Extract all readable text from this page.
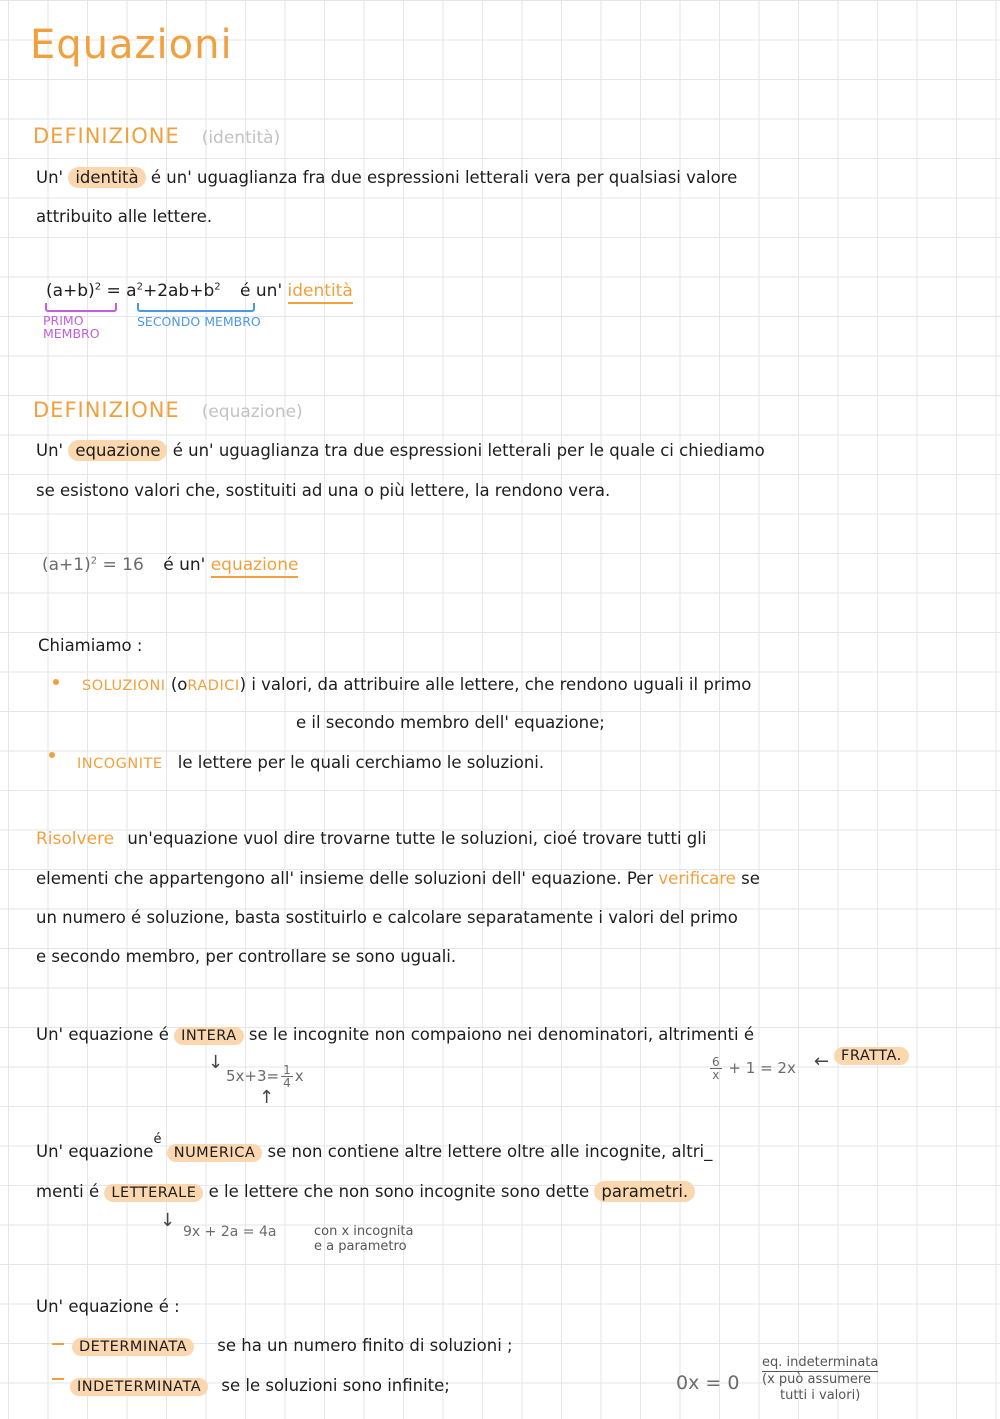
Equazioni
DEFINIZIONE (identità)
Un' identità é un' uguaglianza fra due espressioni letterali vera per qualsiasi valore
attribuito alle lettere.
$(a+b)^2 = a^2+2ab+b^2$ é un' identità
PRIMO
MEMBRO
SECONDO MEMBRO
DEFINIZIONE (equazione)
Un' equazione é un' uguaglianza tra due espressioni letterali per le quale ci chiediamo
se esistono valori che, sostituiti ad una o più lettere, la rendono vera.
$(a+1)^2 = 16$ é un' equazione
Chiamiamo :
SOLUZIONI (oRADICI) i valori, da attribuire alle lettere, che rendono uguali il primo
e il secondo membro dell' equazione;
INCOGNITE le lettere per le quali cerchiamo le soluzioni.
Risolvere un'equazione vuol dire trovarne tutte le soluzioni, cioé trovare tutti gli
elementi che appartengono all' insieme delle soluzioni dell' equazione. Per verificare se
un numero é soluzione, basta sostituirlo e calcolare separatamente i valori del primo
e secondo membro, per controllare se sono uguali.
Un' equazione é INTERA se le incognite non compaiono nei denominatori, altrimenti é
↓
$5x+3= \frac{1}{4}$ x
↑
$\frac{6}{x} + 1 = 2x$ ← FRATTA.
Un' equazione$^é$ NUMERICA se non contiene altre lettere oltre alle incognite, altri_
menti é LETTERALE e le lettere che non sono incognite sono dette parametri.
↓
9x + 2a = 4a	con x incognita
e a parametro
Un' equazione é :
DETERMINATA se ha un numero finito di soluzioni ;
INDETERMINATA se le soluzioni sono infinite;	0x = 0
eq. indeterminata
(x può assumere
tutti i valori)
